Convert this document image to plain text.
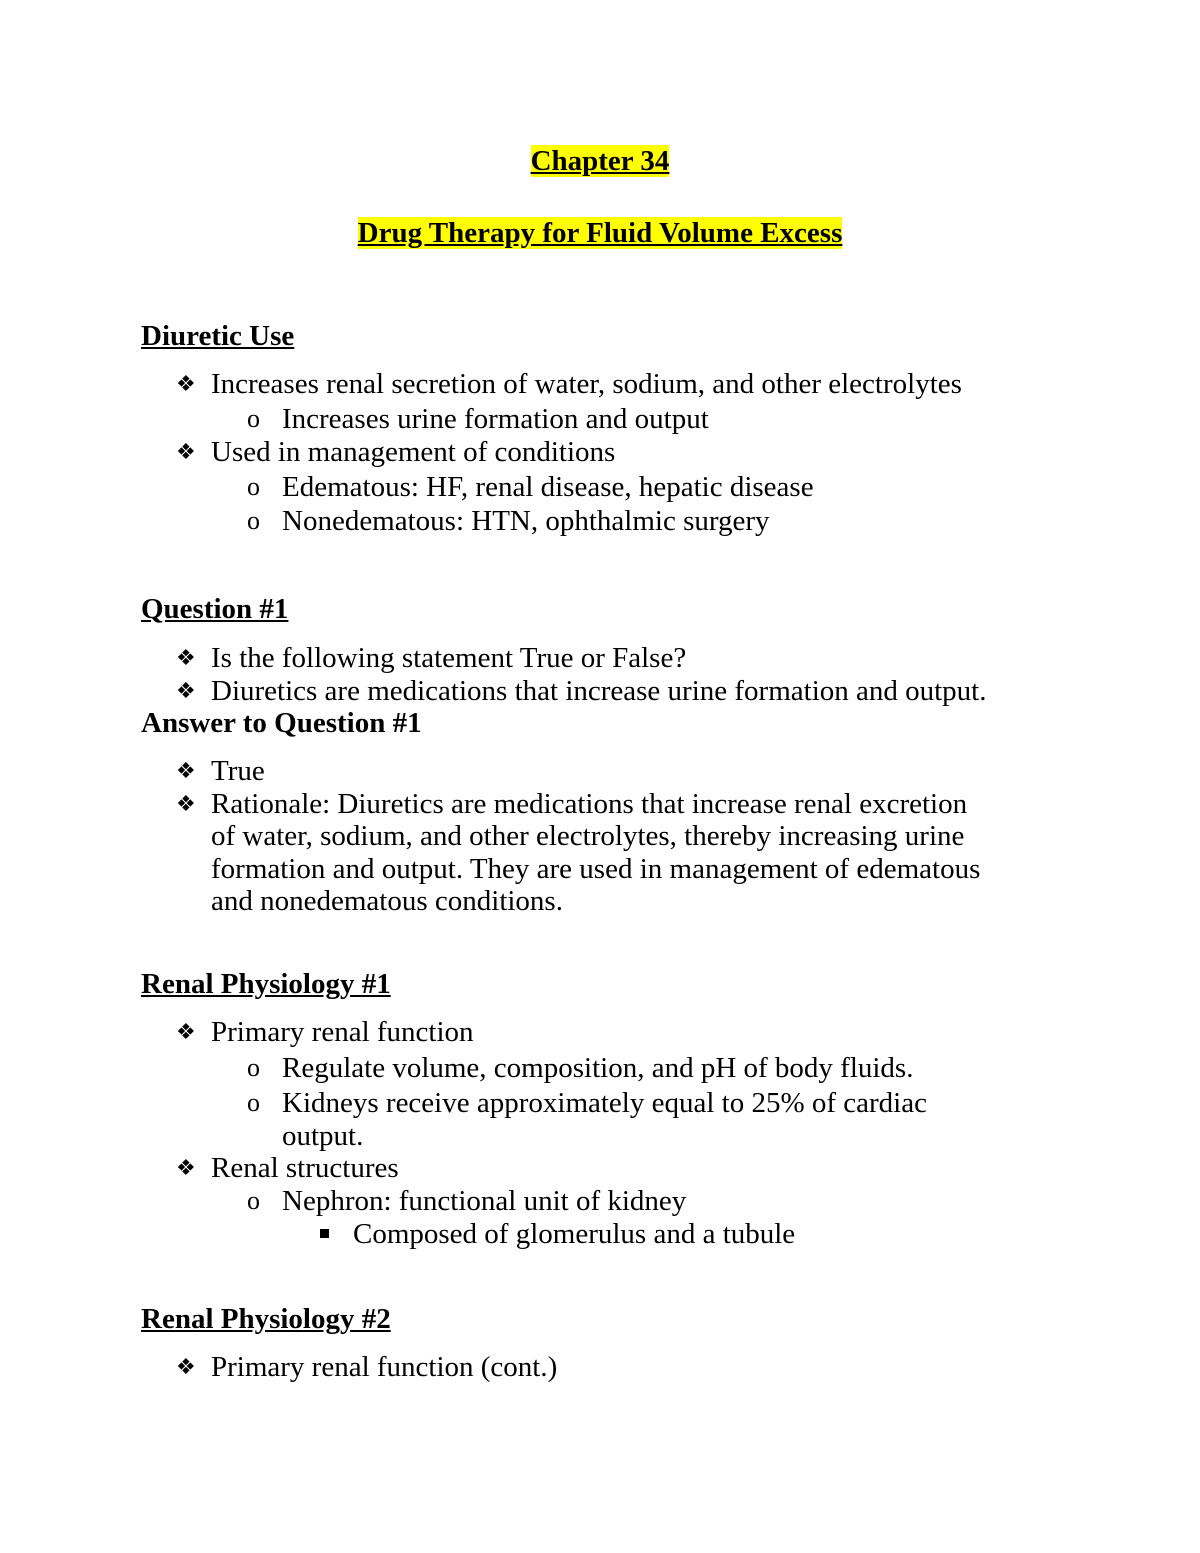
Chapter 34
Drug Therapy for Fluid Volume Excess
Diuretic Use
❖ Increases renal secretion of water, sodium, and other electrolytes
o Increases urine formation and output
❖ Used in management of conditions
o Edematous: HF, renal disease, hepatic disease
o Nonedematous: HTN, ophthalmic surgery
Question #1
❖ Is the following statement True or False?
❖ Diuretics are medications that increase urine formation and output.
Answer to Question #1
❖ True
❖ Rationale: Diuretics are medications that increase renal excretion
of water, sodium, and other electrolytes, thereby increasing urine
formation and output. They are used in management of edematous
and nonedematous conditions.
Renal Physiology #1
❖ Primary renal function
o Regulate volume, composition, and pH of body fluids.
o Kidneys receive approximately equal to 25% of cardiac
output.
❖ Renal structures
o Nephron: functional unit of kidney
Composed of glomerulus and a tubule
Renal Physiology #2
❖ Primary renal function (cont.)
